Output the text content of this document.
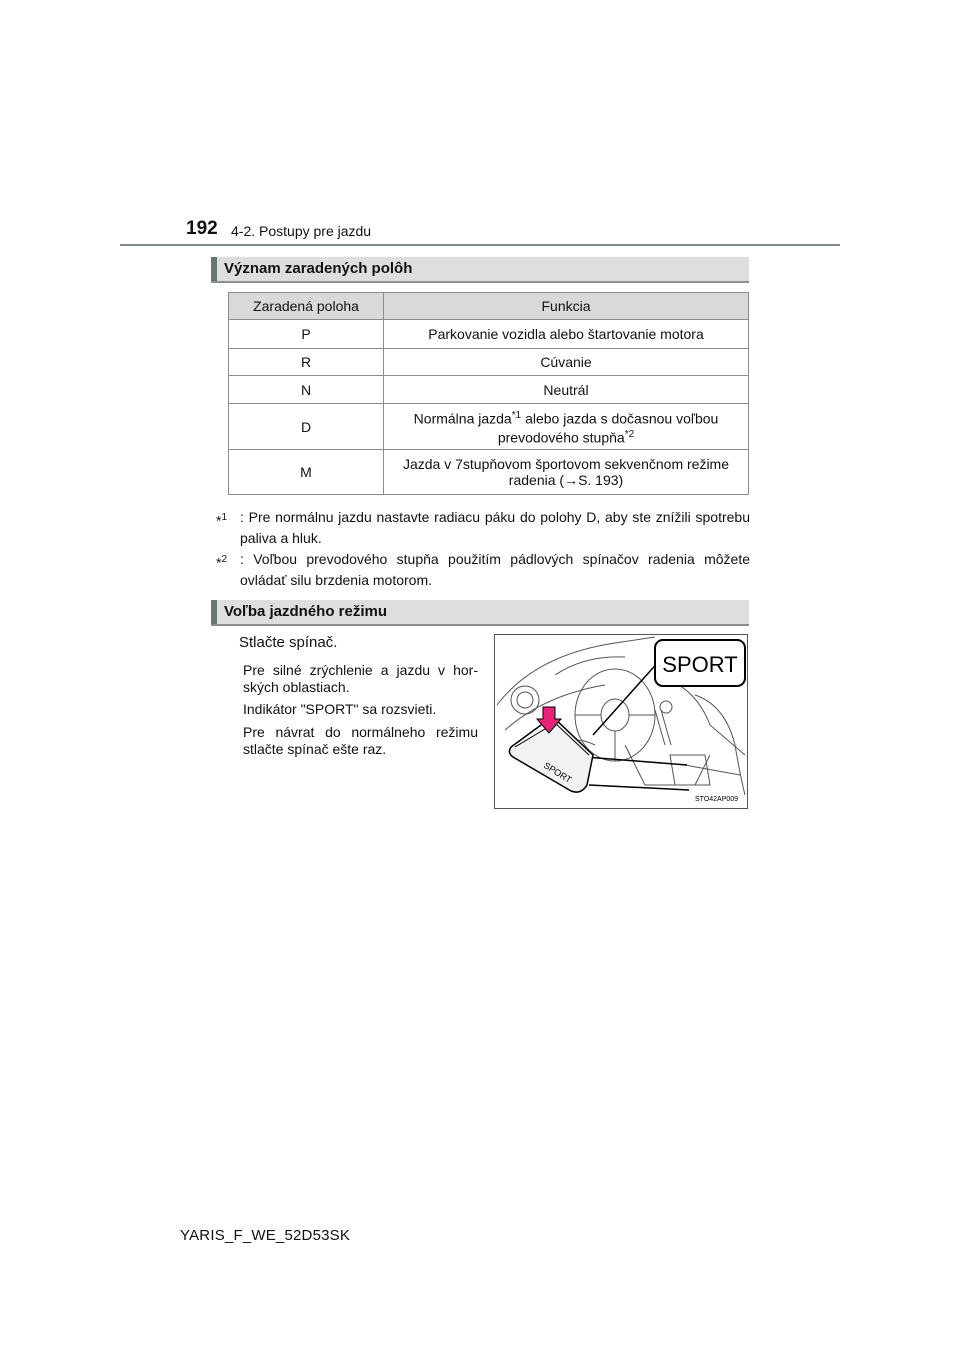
192 4-2. Postupy pre jazdu
Význam zaradených polôh
Zaradená poloha	Funkcia
P	Parkovanie vozidla alebo štartovanie motora
R	Cúvanie
N	Neutrál
D	Normálna jazda$^{*1}$ alebo jazda s dočasnou voľbou
prevodového stupňa$^{*2}$
M	Jazda v 7stupňovom športovom sekvenčnom režime
radenia (→S. 193)
*$^1$ : Pre normálnu jazdu nastavte radiacu páku do polohy D, aby ste znížili spotrebu paliva a hluk.
*$^2$ : Voľbou prevodového stupňa použitím pádlových spínačov radenia môžete ovládať silu brzdenia motorom.
Voľba jazdného režimu
Stlačte spínač.
Pre silné zrýchlenie a jazdu v hor-ských oblastiach.
Indikátor "SPORT" sa rozsvieti.
Pre návrat do normálneho režimu stlačte spínač ešte raz.
SPORT
SPORT
STO42AP009
YARIS_F_WE_52D53SK
